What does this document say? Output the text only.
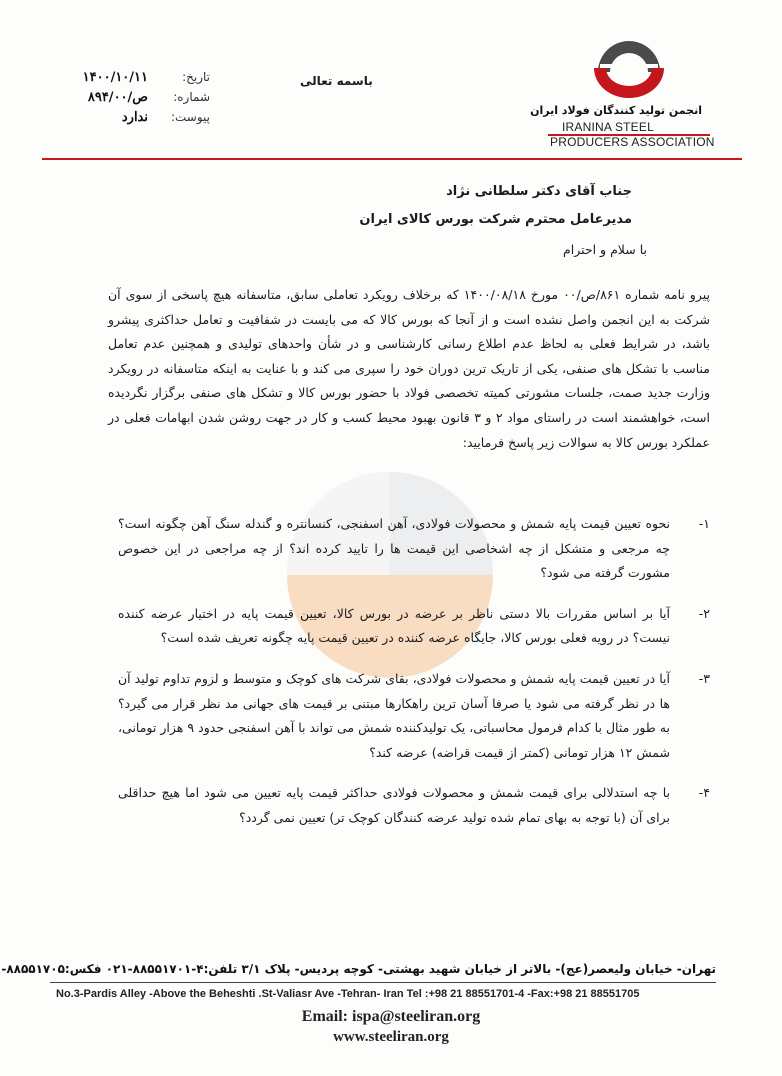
انجمن تولید کنندگان فولاد ایران
IRANINA STEEL
PRODUCERS ASSOCIATION
باسمه تعالی
تاریخ:
۱۴۰۰/۱۰/۱۱
شماره:
۸۹۴/ص/۰۰
پیوست:
ندارد
جناب آقای دکتر سلطانی نژاد
مدیرعامل محترم شرکت بورس کالای ایران
با سلام و احترام

پیرو نامه شماره ۸۶۱/ص/۰۰ مورخ ۱۴۰۰/۰۸/۱۸ که برخلاف رویکرد تعاملی سابق، متاسفانه هیچ پاسخی از سوی آن شرکت به این انجمن واصل نشده است و از آنجا که بورس کالا که می بایست در شفافیت و تعامل حداکثری پیشرو باشد، در شرایط فعلی به لحاظ عدم اطلاع رسانی کارشناسی و در شأن واحدهای تولیدی و همچنین عدم تعامل مناسب با تشکل های صنفی، یکی از تاریک ترین دوران خود را سپری می کند و با عنایت به اینکه متاسفانه در رویکرد وزارت جدید صمت، جلسات مشورتی کمیته تخصصی فولاد با حضور بورس کالا و تشکل های صنفی برگزار نگردیده است، خواهشمند است در راستای مواد ۲ و ۳ قانون بهبود محیط کسب و کار در جهت روشن شدن ابهامات فعلی در عملکرد بورس کالا به سوالات زیر پاسخ فرمایید:

۱-
نحوه تعیین قیمت پایه شمش و محصولات فولادی، آهن اسفنجی، کنسانتره و گندله سنگ آهن چگونه است؟ چه مرجعی و متشکل از چه اشخاصی این قیمت ها را تایید کرده اند؟ از چه مراجعی در این خصوص مشورت گرفته می شود؟
۲-
آیا بر اساس مقررات بالا دستی ناظر بر عرضه در بورس کالا، تعیین قیمت پایه در اختیار عرضه کننده نیست؟ در رویه فعلی بورس کالا، جایگاه عرضه کننده در تعیین قیمت پایه چگونه تعریف شده است؟
۳-
آیا در تعیین قیمت پایه شمش و محصولات فولادی، بقای شرکت های کوچک و متوسط و لزوم تداوم تولید آن ها در نظر گرفته می شود یا صرفا آسان ترین راهکارها مبتنی بر قیمت های جهانی مد نظر قرار می گیرد؟ به طور مثال با کدام فرمول محاسباتی، یک تولیدکننده شمش می تواند با آهن اسفنجی حدود ۹ هزار تومانی، شمش ۱۲ هزار تومانی (کمتر از قیمت قراضه) عرضه کند؟
۴-
با چه استدلالی برای قیمت شمش و محصولات فولادی حداکثر قیمت پایه تعیین می شود اما هیچ حداقلی برای آن (با توجه به بهای تمام شده تولید عرضه کنندگان کوچک تر) تعیین نمی گردد؟
تهران- خیابان ولیعصر(عج)- بالاتر از خیابان شهید بهشتی- کوچه پردیس- پلاک ۳/۱ تلفن:۴-۸۸۵۵۱۷۰۱-۰۲۱ فکس:۸۸۵۵۱۷۰۵-
No.3-Pardis Alley -Above the Beheshti .St-Valiasr Ave -Tehran- Iran Tel :+98 21 88551701-4 -Fax:+98 21 88551705
Email: ispa@steeliran.org
www.steeliran.org
